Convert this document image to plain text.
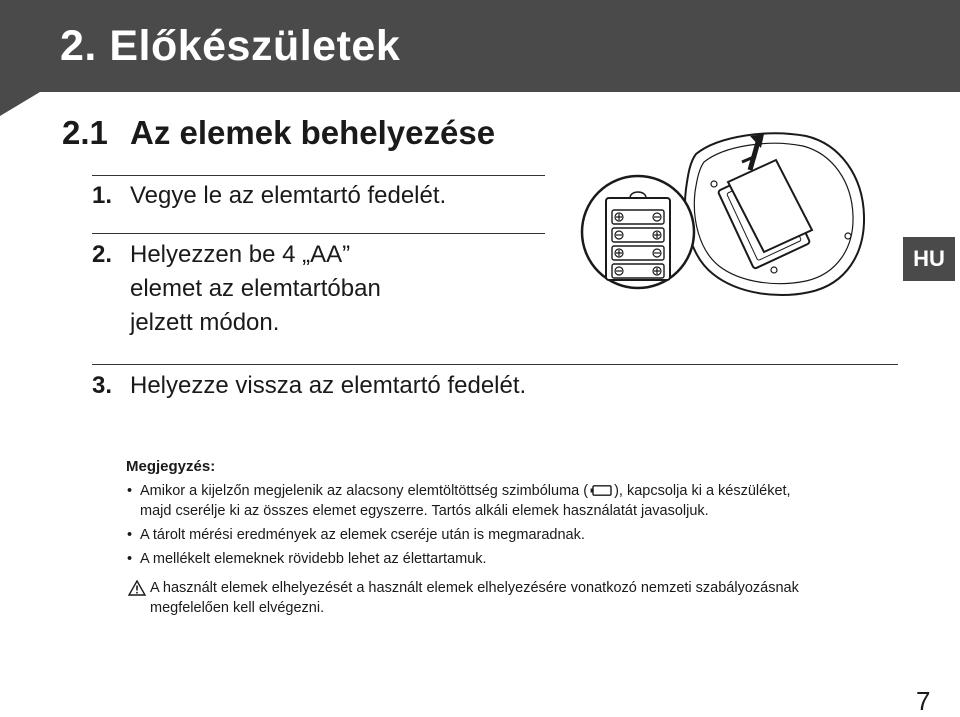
2. Előkészületek
2.1 Az elemek behelyezése
1. Vegye le az elemtartó fedelét.
2. Helyezzen be 4 „AA”
elemet az elemtartóban
jelzett módon.
3. Helyezze vissza az elemtartó fedelét.
HU
Megjegyzés:
• Amikor a kijelzőn megjelenik az alacsony elemtöltöttség szimbóluma ( ), kapcsolja ki a készüléket,
majd cserélje ki az összes elemet egyszerre. Tartós alkáli elemek használatát javasoljuk.
• A tárolt mérési eredmények az elemek cseréje után is megmaradnak.
• A mellékelt elemeknek rövidebb lehet az élettartamuk.
A használt elemek elhelyezését a használt elemek elhelyezésére vonatkozó nemzeti szabályozásnak
megfelelően kell elvégezni.
7
